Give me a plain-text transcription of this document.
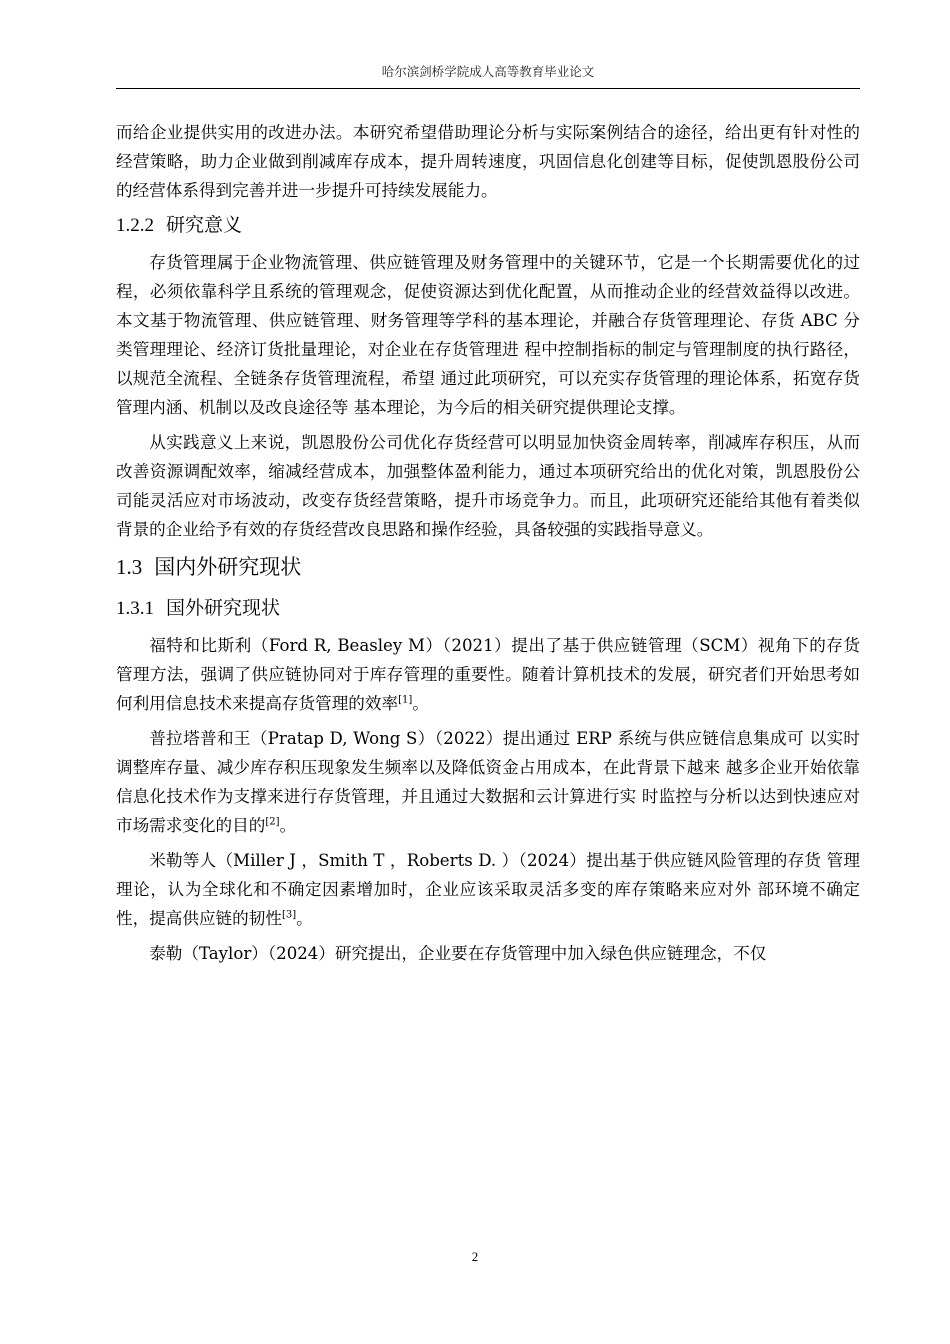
哈尔滨剑桥学院成人高等教育毕业论文

而给企业提供实用的改进办法。本研究希望借助理论分析与实际案例结合的途径，给出更有针对性的经营策略，助力企业做到削减库存成本，提升周转速度，巩固信息化创建等目标，促使凯恩股份公司的经营体系得到完善并进一步提升可持续发展能力。

1.2.2 研究意义

存货管理属于企业物流管理、供应链管理及财务管理中的关键环节，它是一个长期需要优化的过程，必须依靠科学且系统的管理观念，促使资源达到优化配置，从而推动企业的经营效益得以改进。本文基于物流管理、供应链管理、财务管理等学科的基本理论，并融合存货管理理论、存货 ABC 分类管理理论、经济订货批量理论，对企业在存货管理进 程中控制指标的制定与管理制度的执行路径，以规范全流程、全链条存货管理流程，希望 通过此项研究，可以充实存货管理的理论体系，拓宽存货管理内涵、机制以及改良途径等 基本理论，为今后的相关研究提供理论支撑。

从实践意义上来说，凯恩股份公司优化存货经营可以明显加快资金周转率，削减库存积压，从而改善资源调配效率，缩减经营成本，加强整体盈利能力，通过本项研究给出的优化对策，凯恩股份公司能灵活应对市场波动，改变存货经营策略，提升市场竞争力。而且，此项研究还能给其他有着类似背景的企业给予有效的存货经营改良思路和操作经验，具备较强的实践指导意义。

1.3 国内外研究现状
1.3.1 国外研究现状

福特和比斯利（Ford R, Beasley M）（2021）提出了基于供应链管理（SCM）视角下的存货管理方法，强调了供应链协同对于库存管理的重要性。随着计算机技术的发展，研究者们开始思考如何利用信息技术来提高存货管理的效率[1]。

普拉塔普和王（Pratap D, Wong S）（2022）提出通过 ERP 系统与供应链信息集成可 以实时调整库存量、减少库存积压现象发生频率以及降低资金占用成本，在此背景下越来 越多企业开始依靠信息化技术作为支撑来进行存货管理，并且通过大数据和云计算进行实 时监控与分析以达到快速应对市场需求变化的目的[2]。

米勒等人（Miller J ，Smith T ，Roberts D. ）（2024）提出基于供应链风险管理的存货 管理理论，认为全球化和不确定因素增加时，企业应该采取灵活多变的库存策略来应对外 部环境不确定性，提高供应链的韧性[3]。

泰勒（Taylor）（2024）研究提出，企业要在存货管理中加入绿色供应链理念，不仅

2
